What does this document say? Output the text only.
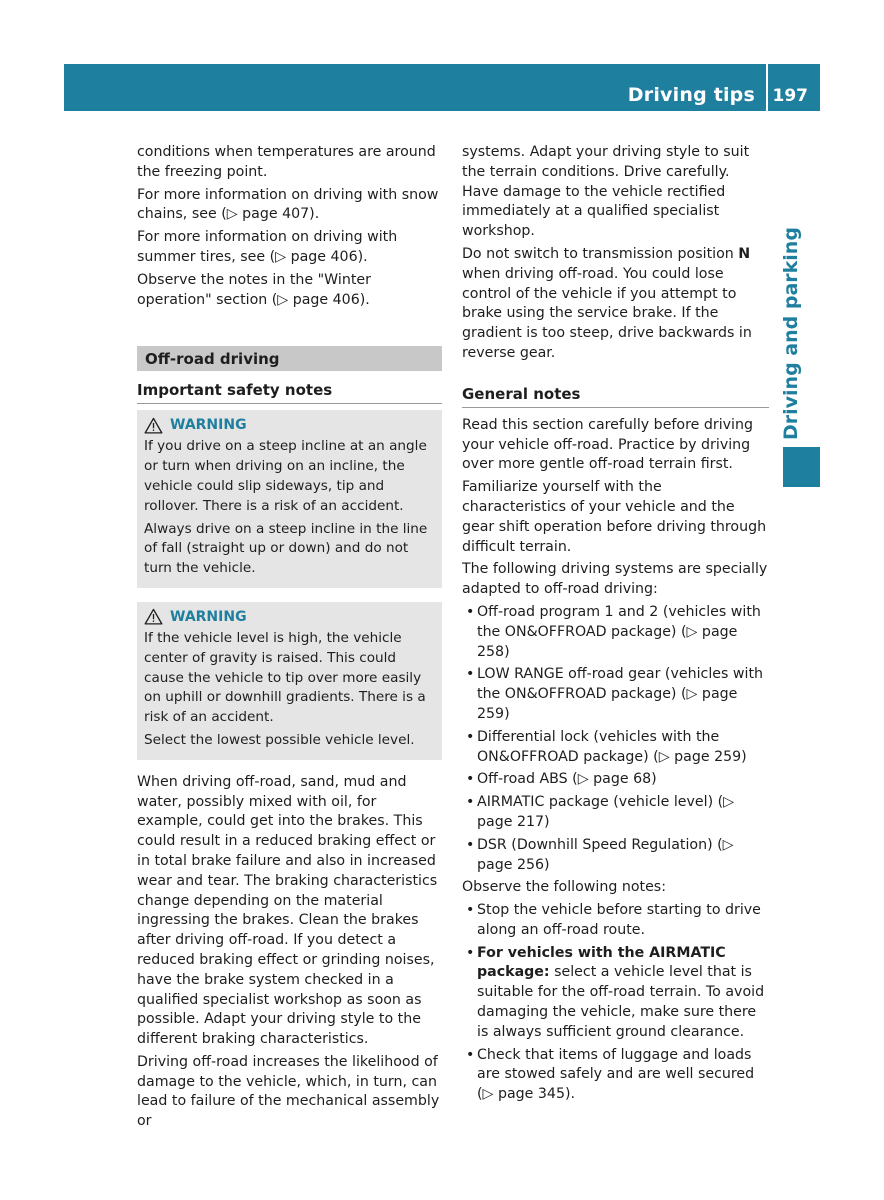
Driving tips 197
Driving and parking

conditions when temperatures are around the freezing point.

For more information on driving with snow chains, see (▷ page 407).

For more information on driving with summer tires, see (▷ page 406).

Observe the notes in the "Winter operation" section (▷ page 406).

Off-road driving
Important safety notes
WARNING

If you drive on a steep incline at an angle or turn when driving on an incline, the vehicle could slip sideways, tip and rollover. There is a risk of an accident.

Always drive on a steep incline in the line of fall (straight up or down) and do not turn the vehicle.

WARNING

If the vehicle level is high, the vehicle center of gravity is raised. This could cause the vehicle to tip over more easily on uphill or downhill gradients. There is a risk of an accident.

Select the lowest possible vehicle level.

When driving off-road, sand, mud and water, possibly mixed with oil, for example, could get into the brakes. This could result in a reduced braking effect or in total brake failure and also in increased wear and tear. The braking characteristics change depending on the material ingressing the brakes. Clean the brakes after driving off-road. If you detect a reduced braking effect or grinding noises, have the brake system checked in a qualified specialist workshop as soon as possible. Adapt your driving style to the different braking characteristics.

Driving off-road increases the likelihood of damage to the vehicle, which, in turn, can lead to failure of the mechanical assembly or

systems. Adapt your driving style to suit the terrain conditions. Drive carefully. Have damage to the vehicle rectified immediately at a qualified specialist workshop.

Do not switch to transmission position N when driving off-road. You could lose control of the vehicle if you attempt to brake using the service brake. If the gradient is too steep, drive backwards in reverse gear.

General notes

Read this section carefully before driving your vehicle off-road. Practice by driving over more gentle off-road terrain first.

Familiarize yourself with the characteristics of your vehicle and the gear shift operation before driving through difficult terrain.

The following driving systems are specially adapted to off-road driving:

• Off-road program 1 and 2 (vehicles with the ON&OFFROAD package) (▷ page 258)
• LOW RANGE off-road gear (vehicles with the ON&OFFROAD package) (▷ page 259)
• Differential lock (vehicles with the ON&OFFROAD package) (▷ page 259)
• Off-road ABS (▷ page 68)
• AIRMATIC package (vehicle level) (▷ page 217)
• DSR (Downhill Speed Regulation) (▷ page 256)

Observe the following notes:

• Stop the vehicle before starting to drive along an off-road route.
• For vehicles with the AIRMATIC package: select a vehicle level that is suitable for the off-road terrain. To avoid damaging the vehicle, make sure there is always sufficient ground clearance.
• Check that items of luggage and loads are stowed safely and are well secured (▷ page 345).
